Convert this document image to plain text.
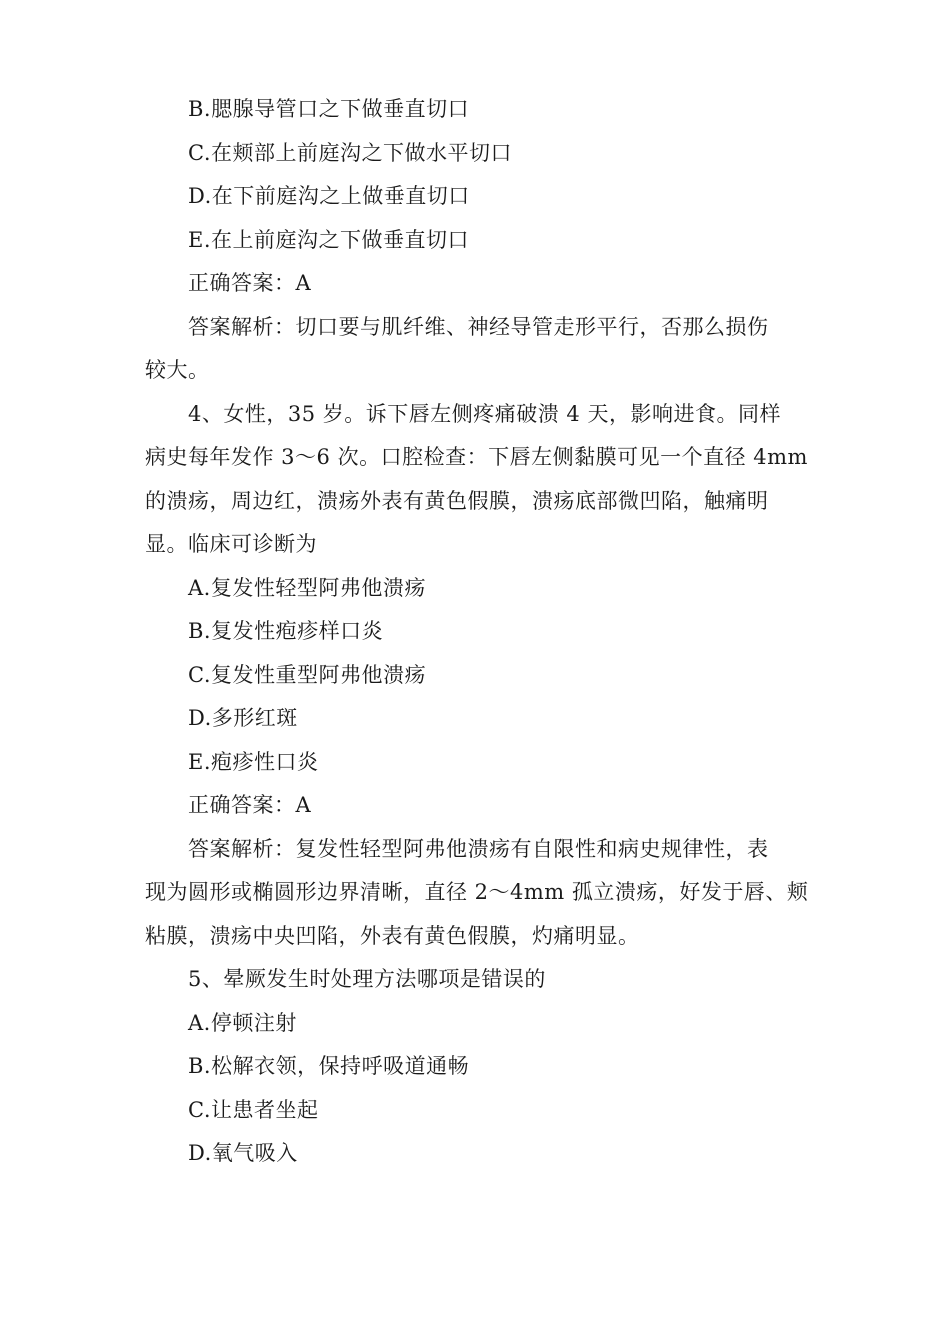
B.腮腺导管口之下做垂直切口
C.在颊部上前庭沟之下做水平切口
D.在下前庭沟之上做垂直切口
E.在上前庭沟之下做垂直切口
正确答案：A
答案解析：切口要与肌纤维、神经导管走形平行，否那么损伤
较大。
4、女性，35 岁。诉下唇左侧疼痛破溃 4 天，影响进食。同样
病史每年发作 3～6 次。口腔检查：下唇左侧黏膜可见一个直径 4mm
的溃疡，周边红，溃疡外表有黄色假膜，溃疡底部微凹陷，触痛明
显。临床可诊断为
A.复发性轻型阿弗他溃疡
B.复发性疱疹样口炎
C.复发性重型阿弗他溃疡
D.多形红斑
E.疱疹性口炎
正确答案：A
答案解析：复发性轻型阿弗他溃疡有自限性和病史规律性，表
现为圆形或椭圆形边界清晰，直径 2～4mm 孤立溃疡，好发于唇、颊
粘膜，溃疡中央凹陷，外表有黄色假膜，灼痛明显。
5、晕厥发生时处理方法哪项是错误的
A.停顿注射
B.松解衣领，保持呼吸道通畅
C.让患者坐起
D.氧气吸入
